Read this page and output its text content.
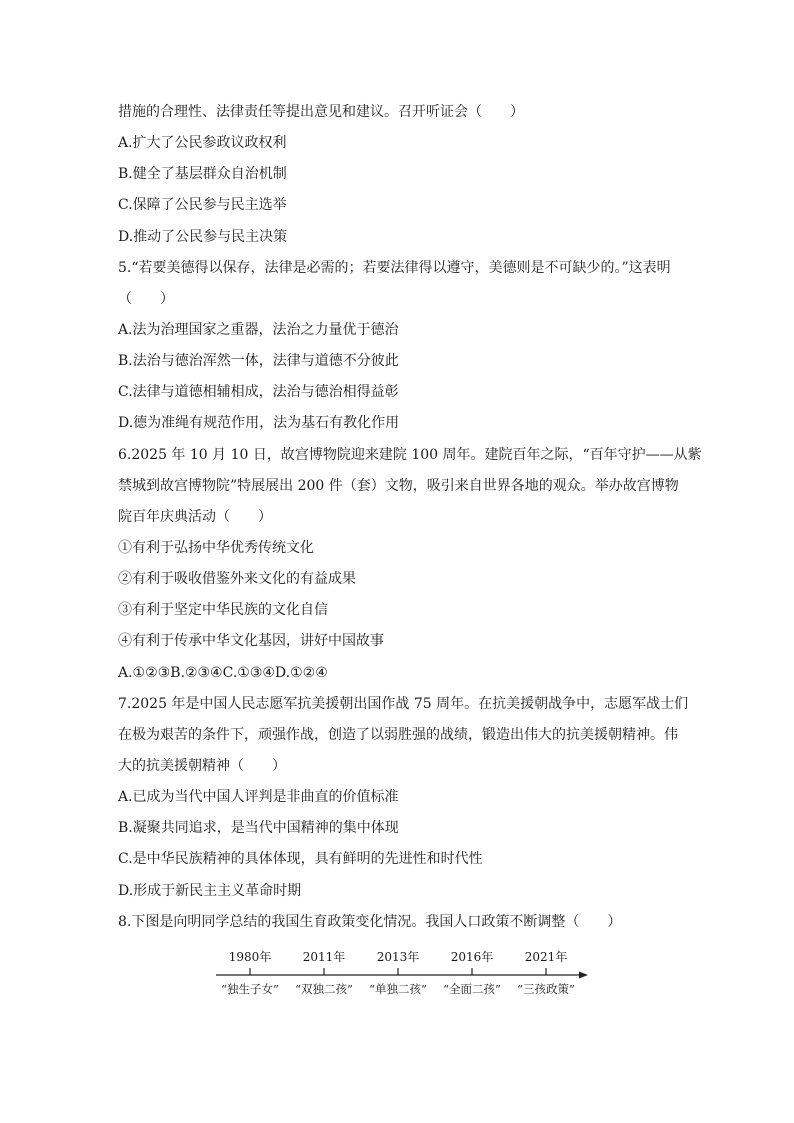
措施的合理性、法律责任等提出意见和建议。召开听证会（　　）
A.扩大了公民参政议政权利
B.健全了基层群众自治机制
C.保障了公民参与民主选举
D.推动了公民参与民主决策
5.“若要美德得以保存，法律是必需的；若要法律得以遵守，美德则是不可缺少的。”这表明
（　　）
A.法为治理国家之重器，法治之力量优于德治
B.法治与德治浑然一体，法律与道德不分彼此
C.法律与道德相辅相成，法治与德治相得益彰
D.德为准绳有规范作用，法为基石有教化作用
6.2025 年 10 月 10 日，故宫博物院迎来建院 100 周年。建院百年之际，“百年守护——从紫
禁城到故宫博物院”特展展出 200 件（套）文物，吸引来自世界各地的观众。举办故宫博物
院百年庆典活动（　　）
①有利于弘扬中华优秀传统文化
②有利于吸收借鉴外来文化的有益成果
③有利于坚定中华民族的文化自信
④有利于传承中华文化基因，讲好中国故事
A.①②③B.②③④C.①③④D.①②④
7.2025 年是中国人民志愿军抗美援朝出国作战 75 周年。在抗美援朝战争中，志愿军战士们
在极为艰苦的条件下，顽强作战，创造了以弱胜强的战绩，锻造出伟大的抗美援朝精神。伟
大的抗美援朝精神（　　）
A.已成为当代中国人评判是非曲直的价值标准
B.凝聚共同追求，是当代中国精神的集中体现
C.是中华民族精神的具体体现，具有鲜明的先进性和时代性
D.形成于新民主主义革命时期
8.下图是向明同学总结的我国生育政策变化情况。我国人口政策不断调整（　　）
1980年	2011年	2013年	2016年	2021年
“独生子女” “双独二孩” “单独二孩” “全面二孩” “三孩政策”
